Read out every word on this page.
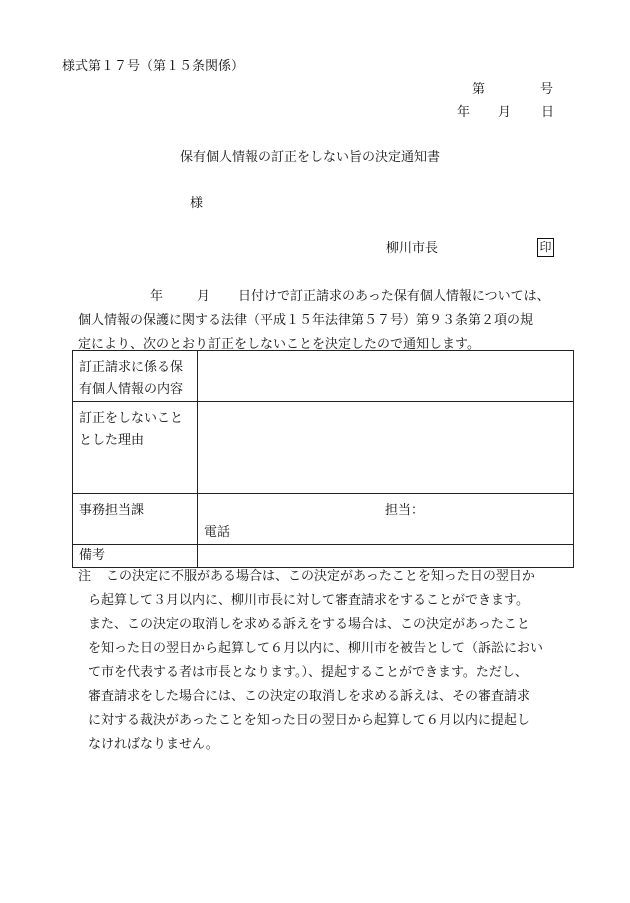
様式第１７号（第１５条関係）
第	号
年 月 日
保有個人情報の訂正をしない旨の決定通知書
様
柳川市長	印
年	月 日付けで訂正請求のあった保有個人情報については、
個人情報の保護に関する法律（平成１５年法律第５７号）第９３条第２項の規
定により、次のとおり訂正をしないことを決定したので通知します。
訂正請求に係る保
有個人情報の内容	

訂正をしないこと
とした理由	

事務担当課	担当：
電話

備考	

注 この決定に不服がある場合は、この決定があったことを知った日の翌日か
ら起算して３月以内に、柳川市長に対して審査請求をすることができます。
また、この決定の取消しを求める訴えをする場合は、この決定があったこと
を知った日の翌日から起算して６月以内に、柳川市を被告として（訴訟におい
て市を代表する者は市長となります。）、提起することができます。ただし、
審査請求をした場合には、この決定の取消しを求める訴えは、その審査請求
に対する裁決があったことを知った日の翌日から起算して６月以内に提起し
なければなりません。
